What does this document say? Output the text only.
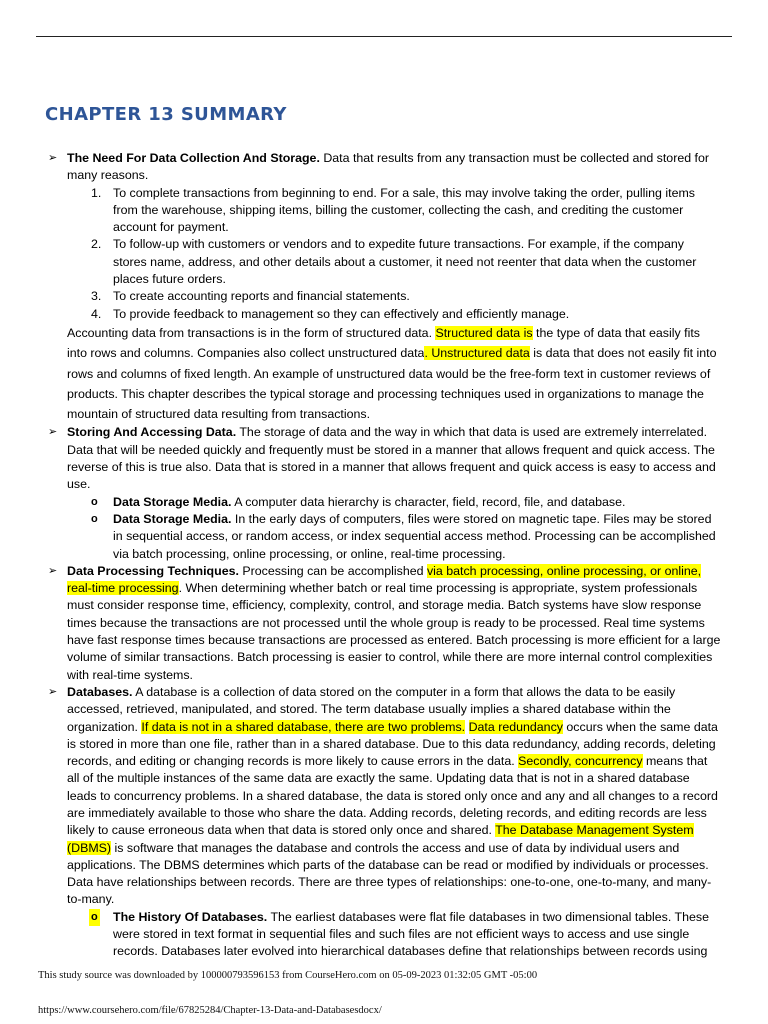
CHAPTER 13 SUMMARY
➢ The Need For Data Collection And Storage. Data that results from any transaction must be collected and stored for many reasons.
1. To complete transactions from beginning to end. For a sale, this may involve taking the order, pulling items from the warehouse, shipping items, billing the customer, collecting the cash, and crediting the customer account for payment.
2. To follow-up with customers or vendors and to expedite future transactions. For example, if the company stores name, address, and other details about a customer, it need not reenter that data when the customer places future orders.
3. To create accounting reports and financial statements.
4. To provide feedback to management so they can effectively and efficiently manage.
Accounting data from transactions is in the form of structured data. Structured data is the type of data that easily fits into rows and columns. Companies also collect unstructured data. Unstructured data is data that does not easily fit into rows and columns of fixed length. An example of unstructured data would be the free-form text in customer reviews of products. This chapter describes the typical storage and processing techniques used in organizations to manage the mountain of structured data resulting from transactions.
➢ Storing And Accessing Data. The storage of data and the way in which that data is used are extremely interrelated. Data that will be needed quickly and frequently must be stored in a manner that allows frequent and quick access. The reverse of this is true also. Data that is stored in a manner that allows frequent and quick access is easy to access and use.
o Data Storage Media. A computer data hierarchy is character, field, record, file, and database.
o Data Storage Media. In the early days of computers, files were stored on magnetic tape. Files may be stored in sequential access, or random access, or index sequential access method. Processing can be accomplished via batch processing, online processing, or online, real-time processing.
➢ Data Processing Techniques. Processing can be accomplished via batch processing, online processing, or online, real-time processing. When determining whether batch or real time processing is appropriate, system professionals must consider response time, efficiency, complexity, control, and storage media. Batch systems have slow response times because the transactions are not processed until the whole group is ready to be processed. Real time systems have fast response times because transactions are processed as entered. Batch processing is more efficient for a large volume of similar transactions. Batch processing is easier to control, while there are more internal control complexities with real-time systems.
➢ Databases. A database is a collection of data stored on the computer in a form that allows the data to be easily accessed, retrieved, manipulated, and stored. The term database usually implies a shared database within the organization. If data is not in a shared database, there are two problems. Data redundancy occurs when the same data is stored in more than one file, rather than in a shared database. Due to this data redundancy, adding records, deleting records, and editing or changing records is more likely to cause errors in the data. Secondly, concurrency means that all of the multiple instances of the same data are exactly the same. Updating data that is not in a shared database leads to concurrency problems. In a shared database, the data is stored only once and any and all changes to a record are immediately available to those who share the data. Adding records, deleting records, and editing records are less likely to cause erroneous data when that data is stored only once and shared. The Database Management System (DBMS) is software that manages the database and controls the access and use of data by individual users and applications. The DBMS determines which parts of the database can be read or modified by individuals or processes. Data have relationships between records. There are three types of relationships: one-to-one, one-to-many, and many-to-many.
o The History Of Databases. The earliest databases were flat file databases in two dimensional tables. These were stored in text format in sequential files and such files are not efficient ways to access and use single records. Databases later evolved into hierarchical databases define that relationships between records using
This study source was downloaded by 100000793596153 from CourseHero.com on 05-09-2023 01:32:05 GMT -05:00
https://www.coursehero.com/file/67825284/Chapter-13-Data-and-Databasesdocx/
